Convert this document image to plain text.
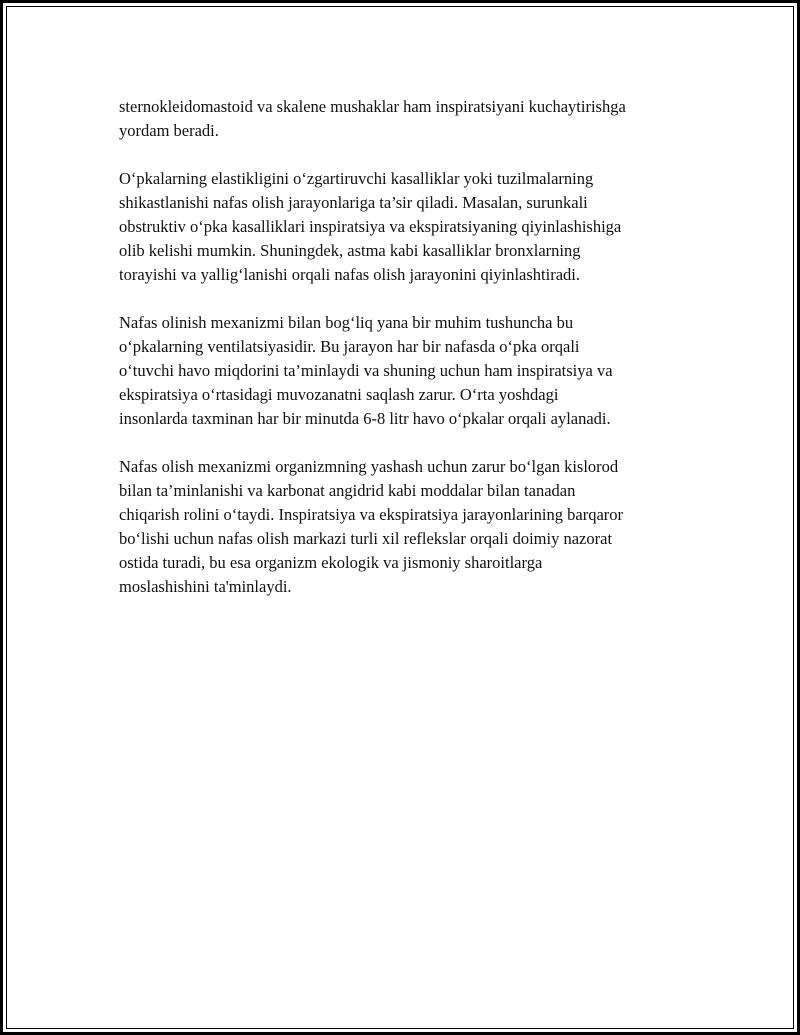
sternokleidomastoid va skalene mushaklar ham inspiratsiyani kuchaytirishga
yordam beradi.

O‘pkalarning elastikligini o‘zgartiruvchi kasalliklar yoki tuzilmalarning
shikastlanishi nafas olish jarayonlariga ta’sir qiladi. Masalan, surunkali
obstruktiv o‘pka kasalliklari inspiratsiya va ekspiratsiyaning qiyinlashishiga
olib kelishi mumkin. Shuningdek, astma kabi kasalliklar bronxlarning
torayishi va yallig‘lanishi orqali nafas olish jarayonini qiyinlashtiradi.

Nafas olinish mexanizmi bilan bog‘liq yana bir muhim tushuncha bu
o‘pkalarning ventilatsiyasidir. Bu jarayon har bir nafasda o‘pka orqali
o‘tuvchi havo miqdorini ta’minlaydi va shuning uchun ham inspiratsiya va
ekspiratsiya o‘rtasidagi muvozanatni saqlash zarur. O‘rta yoshdagi
insonlarda taxminan har bir minutda 6-8 litr havo o‘pkalar orqali aylanadi.

Nafas olish mexanizmi organizmning yashash uchun zarur bo‘lgan kislorod
bilan ta’minlanishi va karbonat angidrid kabi moddalar bilan tanadan
chiqarish rolini o‘taydi. Inspiratsiya va ekspiratsiya jarayonlarining barqaror
bo‘lishi uchun nafas olish markazi turli xil reflekslar orqali doimiy nazorat
ostida turadi, bu esa organizm ekologik va jismoniy sharoitlarga
moslashishini ta'minlaydi.
